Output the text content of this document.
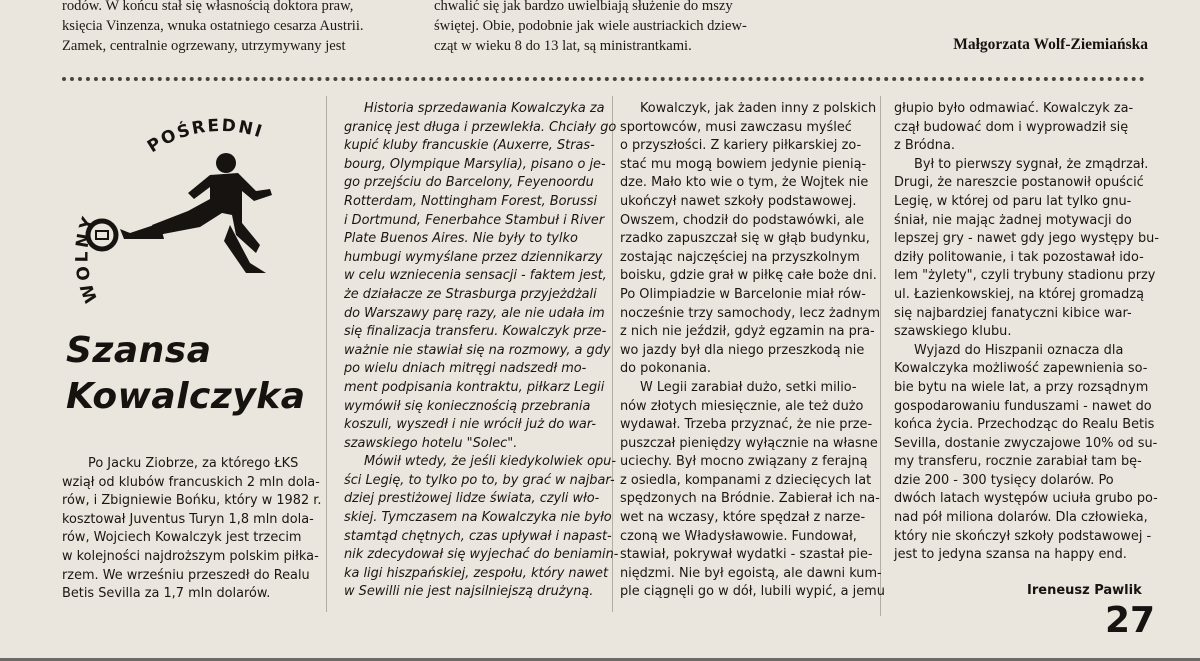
rodów. W końcu stał się własnością doktora praw,
księcia Vinzenza, wnuka ostatniego cesarza Austrii.
Zamek, centralnie ogrzewany, utrzymywany jest
chwalić się jak bardzo uwielbiają służenie do mszy
świętej. Obie, podobnie jak wiele austriackich dziew-
cząt w wieku 8 do 13 lat, są ministrantkami.	Małgorzata Wolf-Ziemiańska
WOLNY
POŚREDNI
Szansa
Kowalczyka
Po Jacku Ziobrze, za którego ŁKS
wziął od klubów francuskich 2 mln dola-
rów, i Zbigniewie Bońku, który w 1982 r.
kosztował Juventus Turyn 1,8 mln dola-
rów, Wojciech Kowalczyk jest trzecim
w kolejności najdroższym polskim piłka-
rzem. We wrześniu przeszedł do Realu
Betis Sevilla za 1,7 mln dolarów.
Historia sprzedawania Kowalczyka za
granicę jest długa i przewlekła. Chciały go
kupić kluby francuskie (Auxerre, Stras-
bourg, Olympique Marsylia), pisano o je-
go przejściu do Barcelony, Feyenoordu
Rotterdam, Nottingham Forest, Borussi
i Dortmund, Fenerbahce Stambuł i River
Plate Buenos Aires. Nie były to tylko
humbugi wymyślane przez dziennikarzy
w celu wzniecenia sensacji - faktem jest,
że działacze ze Strasburga przyjeżdżali
do Warszawy parę razy, ale nie udała im
się finalizacja transferu. Kowalczyk prze-
ważnie nie stawiał się na rozmowy, a gdy
po wielu dniach mitręgi nadszedł mo-
ment podpisania kontraktu, piłkarz Legii
wymówił się koniecznością przebrania
koszuli, wyszedł i nie wrócił już do war-
szawskiego hotelu "Solec".
Mówił wtedy, że jeśli kiedykolwiek opu-
ści Legię, to tylko po to, by grać w najbar-
dziej prestiżowej lidze świata, czyli wło-
skiej. Tymczasem na Kowalczyka nie było
stamtąd chętnych, czas upływał i napast-
nik zdecydował się wyjechać do beniamin-
ka ligi hiszpańskiej, zespołu, który nawet
w Sewilli nie jest najsilniejszą drużyną.
Kowalczyk, jak żaden inny z polskich
sportowców, musi zawczasu myśleć
o przyszłości. Z kariery piłkarskiej zo-
stać mu mogą bowiem jedynie pienią-
dze. Mało kto wie o tym, że Wojtek nie
ukończył nawet szkoły podstawowej.
Owszem, chodził do podstawówki, ale
rzadko zapuszczał się w głąb budynku,
zostając najczęściej na przyszkolnym
boisku, gdzie grał w piłkę całe boże dni.
Po Olimpiadzie w Barcelonie miał rów-
nocześnie trzy samochody, lecz żadnym
z nich nie jeździł, gdyż egzamin na pra-
wo jazdy był dla niego przeszkodą nie
do pokonania.
W Legii zarabiał dużo, setki milio-
nów złotych miesięcznie, ale też dużo
wydawał. Trzeba przyznać, że nie prze-
puszczał pieniędzy wyłącznie na własne
uciechy. Był mocno związany z ferajną
z osiedla, kompanami z dziecięcych lat
spędzonych na Bródnie. Zabierał ich na-
wet na wczasy, które spędzał z narze-
czoną we Władysławowie. Fundował,
stawiał, pokrywał wydatki - szastał pie-
niędzmi. Nie był egoistą, ale dawni kum-
ple ciągnęli go w dół, lubili wypić, a jemu
głupio było odmawiać. Kowalczyk za-
czął budować dom i wyprowadził się
z Bródna.
Był to pierwszy sygnał, że zmądrzał.
Drugi, że nareszcie postanowił opuścić
Legię, w której od paru lat tylko gnu-
śniał, nie mając żadnej motywacji do
lepszej gry - nawet gdy jego występy bu-
dziły politowanie, i tak pozostawał ido-
lem "żylety", czyli trybuny stadionu przy
ul. Łazienkowskiej, na której gromadzą
się najbardziej fanatyczni kibice war-
szawskiego klubu.
Wyjazd do Hiszpanii oznacza dla
Kowalczyka możliwość zapewnienia so-
bie bytu na wiele lat, a przy rozsądnym
gospodarowaniu funduszami - nawet do
końca życia. Przechodząc do Realu Betis
Sevilla, dostanie zwyczajowe 10% od su-
my transferu, rocznie zarabiał tam bę-
dzie 200 - 300 tysięcy dolarów. Po
dwóch latach występów uciuła grubo po-
nad pół miliona dolarów. Dla człowieka,
który nie skończył szkoły podstawowej -
jest to jedyna szansa na happy end.
Ireneusz Pawlik
27
